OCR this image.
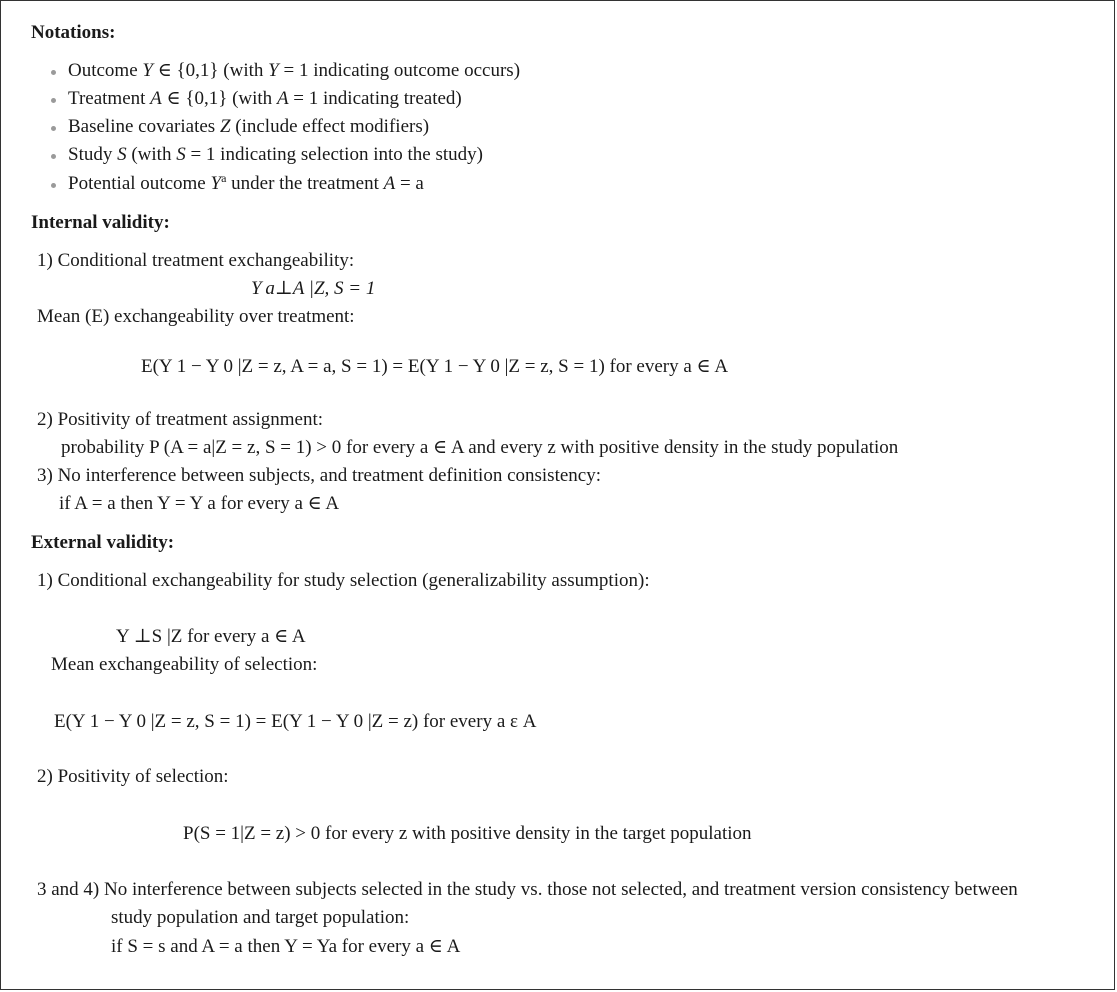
Notations:
Outcome Y ∈ {0,1} (with Y = 1 indicating outcome occurs)
Treatment A ∈ {0,1} (with A = 1 indicating treated)
Baseline covariates Z (include effect modifiers)
Study S (with S = 1 indicating selection into the study)
Potential outcome $Y^a$ under the treatment A = a
Internal validity:
1) Conditional treatment exchangeability:
Y a⊥A |Z, S = 1
Mean (E) exchangeability over treatment:
E(Y 1 − Y 0 |Z = z, A = a, S = 1) = E(Y 1 − Y 0 |Z = z, S = 1) for every a ∈ A
2) Positivity of treatment assignment:
probability P (A = a|Z = z, S = 1) > 0 for every a ∈ A and every z with positive density in the study population
3) No interference between subjects, and treatment definition consistency:
if A = a then Y = Y a for every a ∈ A
External validity:
1) Conditional exchangeability for study selection (generalizability assumption):
Y ⊥S |Z for every a ∈ A
Mean exchangeability of selection:
E(Y 1 − Y 0 |Z = z, S = 1) = E(Y 1 − Y 0 |Z = z) for every a ε A
2) Positivity of selection:
P(S = 1|Z = z) > 0 for every z with positive density in the target population
3 and 4) No interference between subjects selected in the study vs. those not selected, and treatment version consistency between
study population and target population:
if S = s and A = a then Y = Ya for every a ∈ A
